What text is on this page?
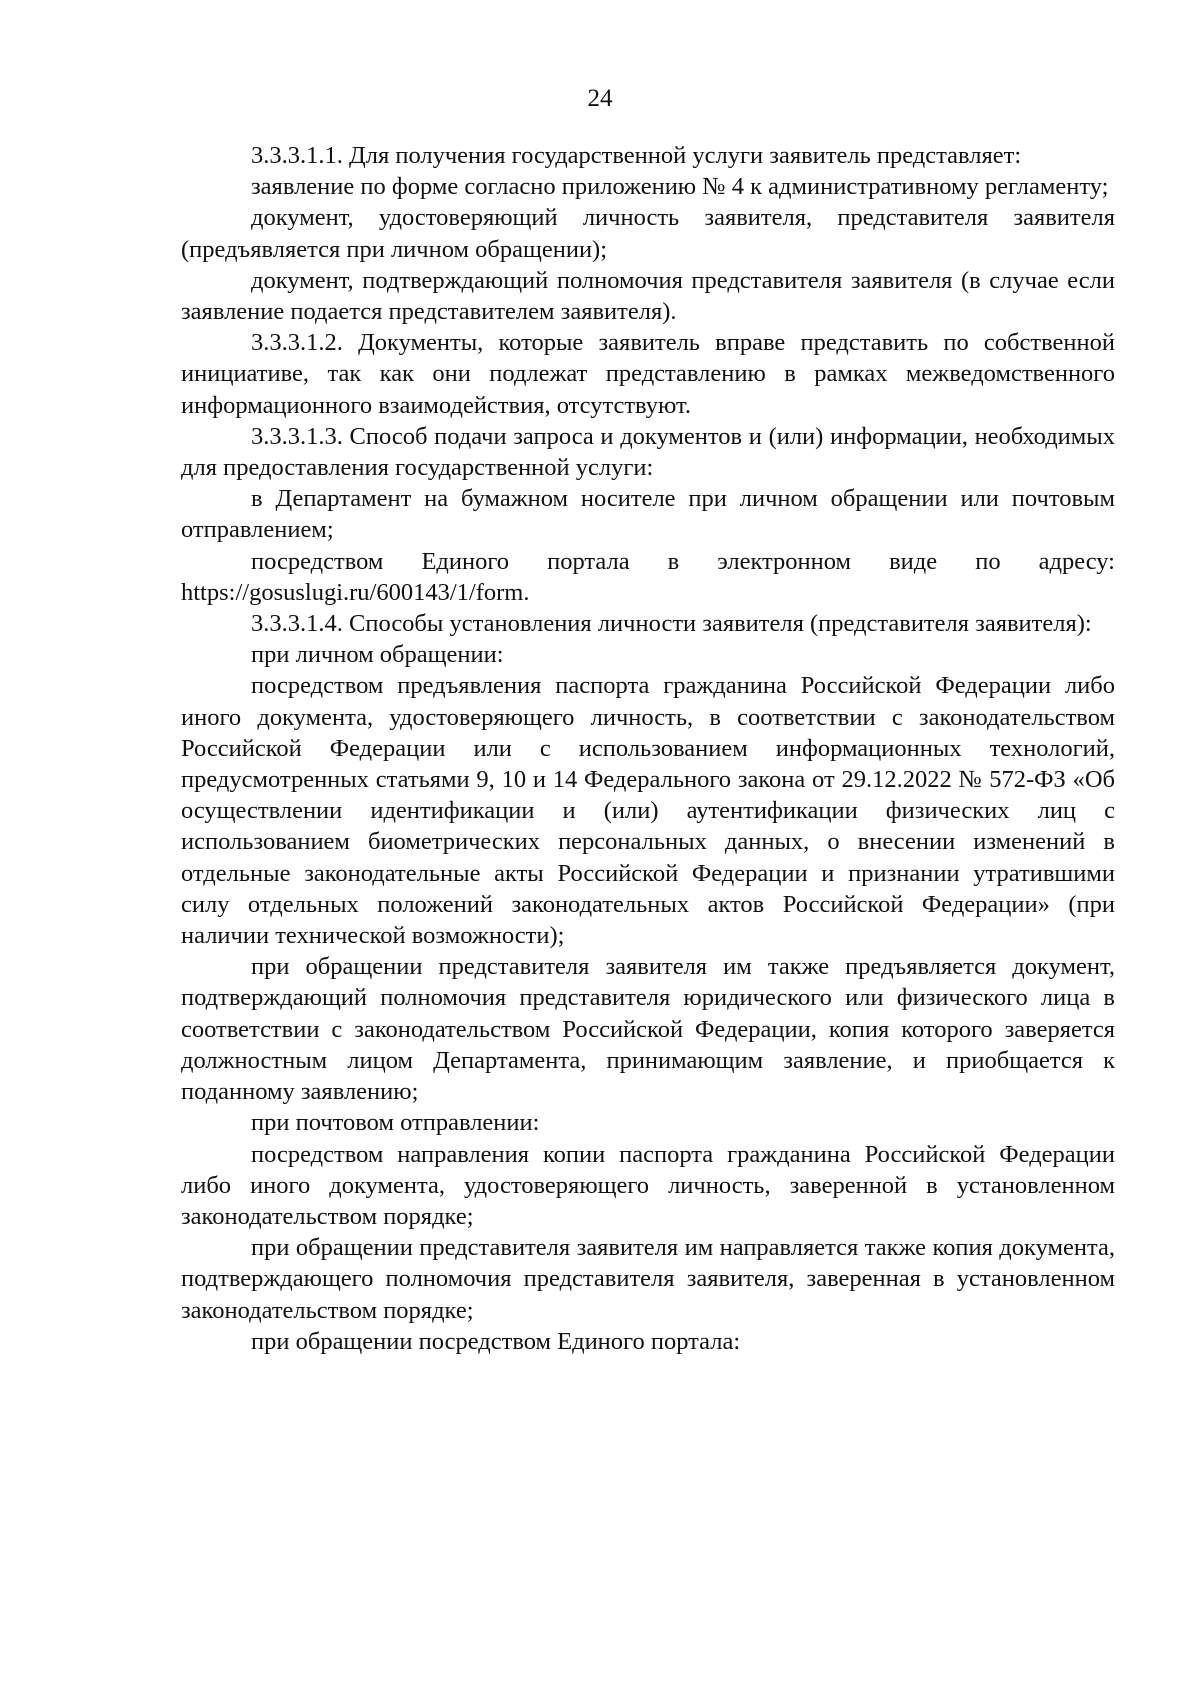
24

3.3.3.1.1. Для получения государственной услуги заявитель представляет:

заявление по форме согласно приложению № 4 к административному регламенту;

документ, удостоверяющий личность заявителя, представителя заявителя (предъявляется при личном обращении);

документ, подтверждающий полномочия представителя заявителя (в случае если заявление подается представителем заявителя).

3.3.3.1.2. Документы, которые заявитель вправе представить по собственной инициативе, так как они подлежат представлению в рамках межведомственного информационного взаимодействия, отсутствуют.

3.3.3.1.3. Способ подачи запроса и документов и (или) информации, необходимых для предоставления государственной услуги:

в Департамент на бумажном носителе при личном обращении или почтовым отправлением;

посредством Единого портала в электронном виде по адресу: https://gosuslugi.ru/600143/1/form.

3.3.3.1.4. Способы установления личности заявителя (представителя заявителя):

при личном обращении:

посредством предъявления паспорта гражданина Российской Федерации либо иного документа, удостоверяющего личность, в соответствии с законодательством Российской Федерации или с использованием информационных технологий, предусмотренных статьями 9, 10 и 14 Федерального закона от 29.12.2022 № 572-ФЗ «Об осуществлении идентификации и (или) аутентификации физических лиц с использованием биометрических персональных данных, о внесении изменений в отдельные законодательные акты Российской Федерации и признании утратившими силу отдельных положений законодательных актов Российской Федерации» (при наличии технической возможности);

при обращении представителя заявителя им также предъявляется документ, подтверждающий полномочия представителя юридического или физического лица в соответствии с законодательством Российской Федерации, копия которого заверяется должностным лицом Департамента, принимающим заявление, и приобщается к поданному заявлению;

при почтовом отправлении:

посредством направления копии паспорта гражданина Российской Федерации либо иного документа, удостоверяющего личность, заверенной в установленном законодательством порядке;

при обращении представителя заявителя им направляется также копия документа, подтверждающего полномочия представителя заявителя, заверенная в установленном законодательством порядке;

при обращении посредством Единого портала:
